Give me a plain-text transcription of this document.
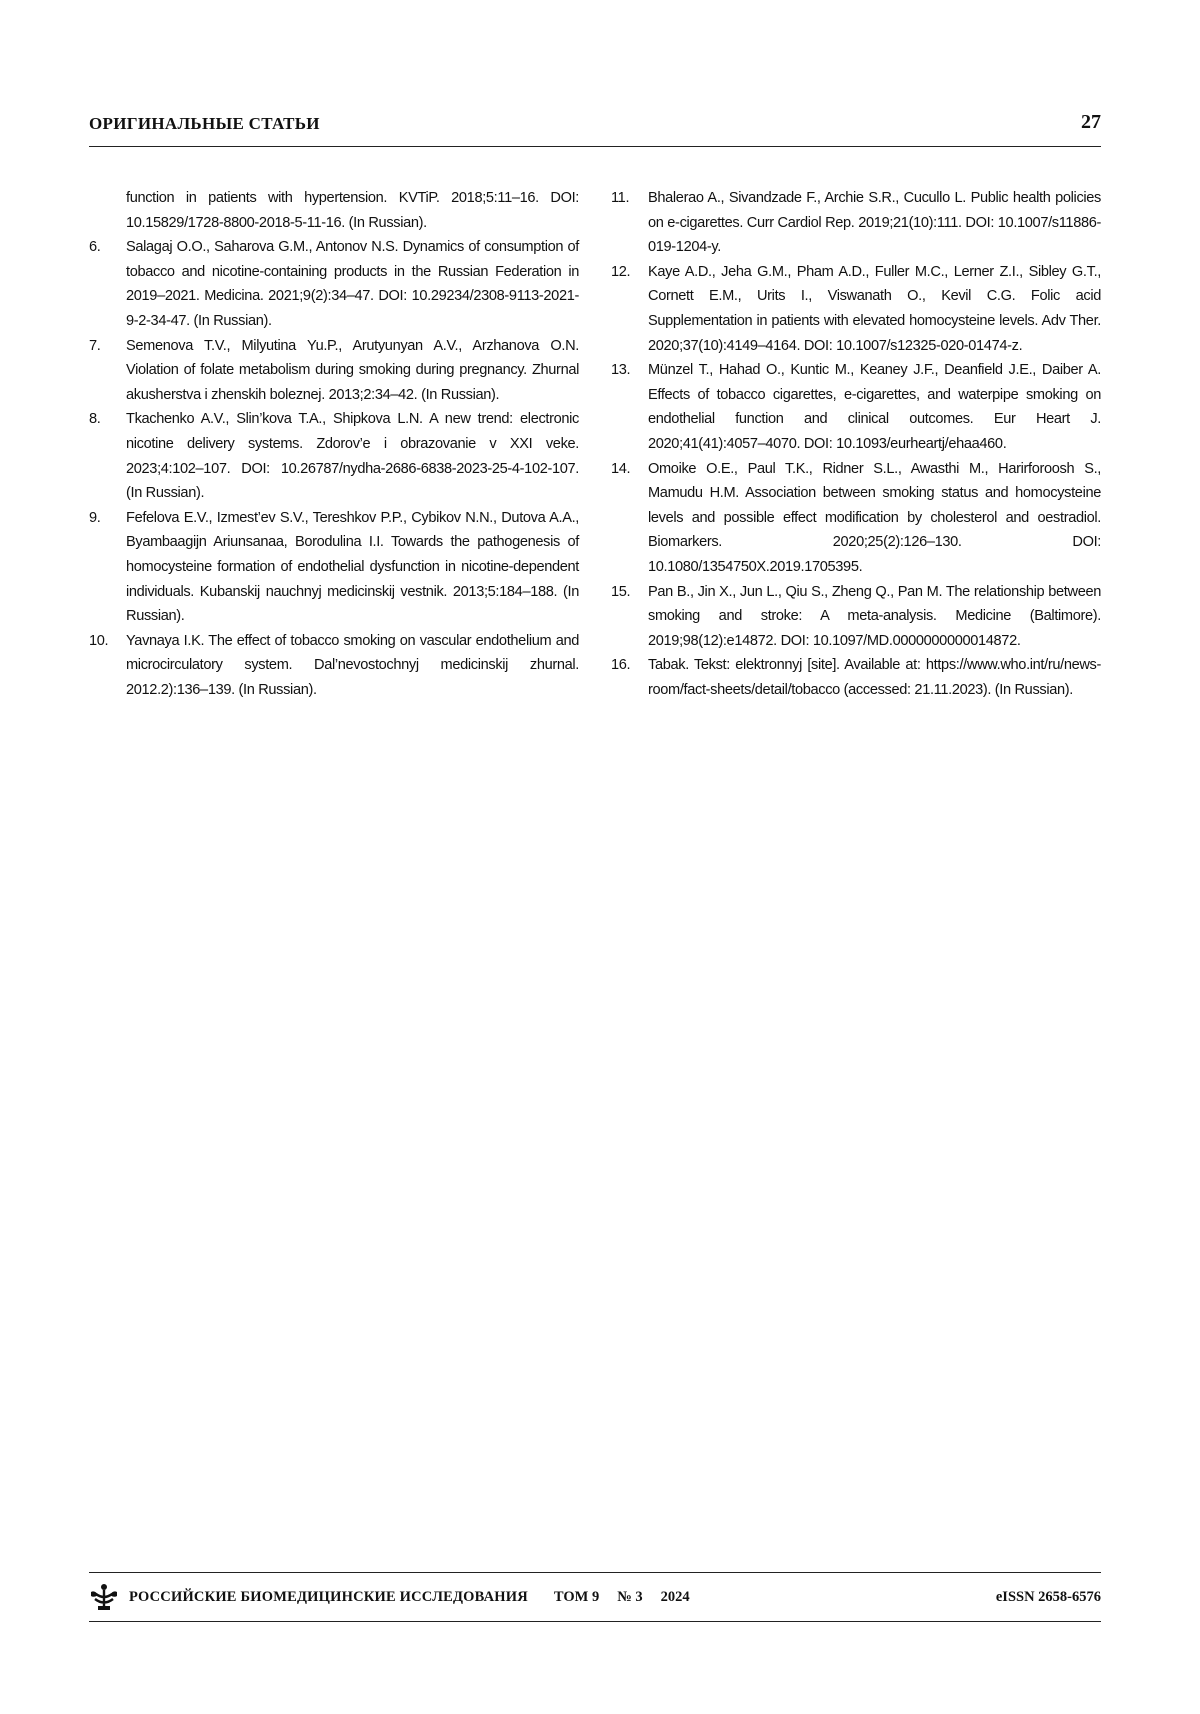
ОРИГИНАЛЬНЫЕ СТАТЬИ	27
function in patients with hypertension. KVTiP. 2018;5:11–16. DOI: 10.15829/1728-8800-2018-5-11-16. (In Russian).
6.	Salagaj O.O., Saharova G.M., Antonov N.S. Dynamics of consumption of tobacco and nicotine-containing products in the Russian Federation in 2019–2021. Medicina. 2021;9(2):34–47. DOI: 10.29234/2308-9113-2021-9-2-34-47. (In Russian).
7.	Semenova T.V., Milyutina Yu.P., Arutyunyan A.V., Arzhanova O.N. Violation of folate metabolism during smoking during pregnancy. Zhurnal akusherstva i zhenskih boleznej. 2013;2:34–42. (In Russian).
8.	Tkachenko A.V., Slin’kova T.A., Shipkova L.N. A new trend: electronic nicotine delivery systems. Zdorov’e i obrazovanie v XXI veke. 2023;4:102–107. DOI: 10.26787/nydha-2686-6838-2023-25-4-102-107. (In Russian).
9.	Fefelova E.V., Izmest’ev S.V., Tereshkov P.P., Cybikov N.N., Dutova A.A., Byambaagijn Ariunsanaa, Borodulina I.I. Towards the pathogenesis of homocysteine formation of endothelial dysfunction in nicotine-dependent individuals. Kubanskij nauchnyj medicinskij vestnik. 2013;5:184–188. (In Russian).
10.	Yavnaya I.K. The effect of tobacco smoking on vascular endothelium and microcirculatory system. Dal’nevostochnyj medicinskij zhurnal. 2012.2):136–139. (In Russian).
11.	Bhalerao A., Sivandzade F., Archie S.R., Cucullo L. Public health policies on e-cigarettes. Curr Cardiol Rep. 2019;21(10):111. DOI: 10.1007/s11886-019-1204-y.
12.	Kaye A.D., Jeha G.M., Pham A.D., Fuller M.C., Lerner Z.I., Sibley G.T., Cornett E.M., Urits I., Viswanath O., Kevil C.G. Folic acid Supplementation in patients with elevated homocysteine levels. Adv Ther. 2020;37(10):4149–4164. DOI: 10.1007/s12325-020-01474-z.
13.	Münzel T., Hahad O., Kuntic M., Keaney J.F., Deanfield J.E., Daiber A. Effects of tobacco cigarettes, e-cigarettes, and waterpipe smoking on endothelial function and clinical outcomes. Eur Heart J. 2020;41(41):4057–4070. DOI: 10.1093/eurheartj/ehaa460.
14.	Omoike O.E., Paul T.K., Ridner S.L., Awasthi M., Harirforoosh S., Mamudu H.M. Association between smoking status and homocysteine levels and possible effect modification by cholesterol and oestradiol. Biomarkers. 2020;25(2):126–130. DOI: 10.1080/1354750X.2019.1705395.
15.	Pan B., Jin X., Jun L., Qiu S., Zheng Q., Pan M. The relationship between smoking and stroke: A meta-analysis. Medicine (Baltimore). 2019;98(12):e14872. DOI: 10.1097/MD.0000000000014872.
16.	Tabak. Tekst: elektronnyj [site]. Available at: https://www.who.int/ru/news-room/fact-sheets/detail/tobacco (accessed: 21.11.2023). (In Russian).
РОССИЙСКИЕ БИОМЕДИЦИНСКИЕ ИССЛЕДОВАНИЯ ТОМ 9 № 3 2024	eISSN 2658-6576
